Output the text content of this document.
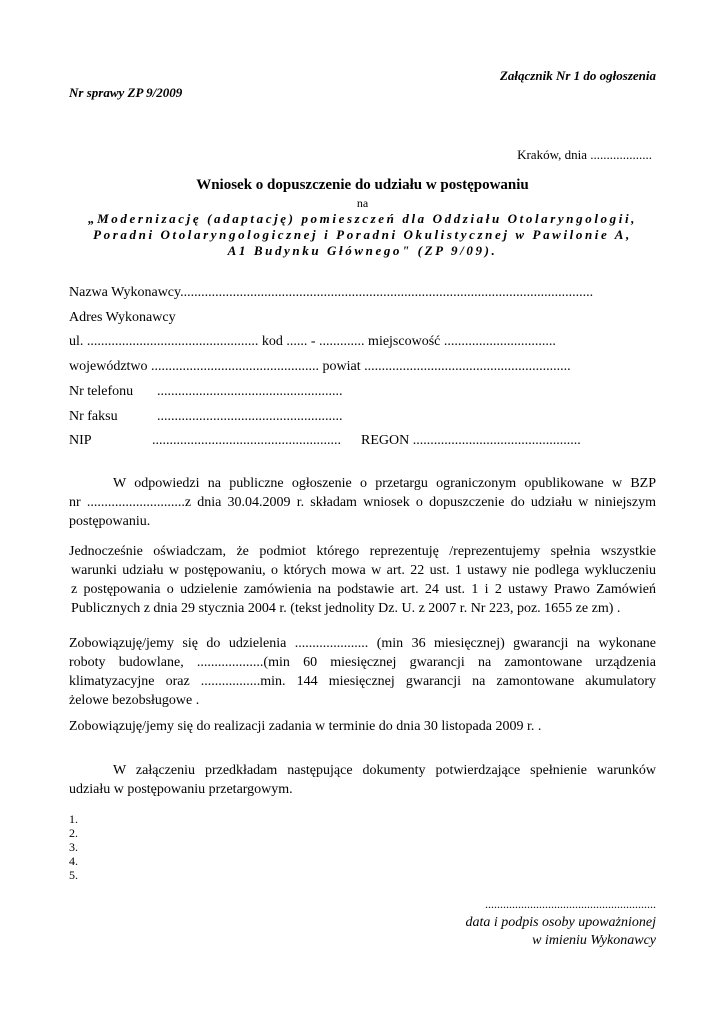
Załącznik Nr 1 do ogłoszenia
Nr sprawy ZP 9/2009
Kraków, dnia ...................
Wniosek o dopuszczenie do udziału w postępowaniu
na
„Modernizację (adaptację) pomieszczeń dla Oddziału Otolaryngologii,
Poradni Otolaryngologicznej i Poradni Okulistycznej w Pawilonie A,
A1 Budynku Głównego" (ZP 9/09).
Nazwa Wykonawcy......................................................................................................................
Adres Wykonawcy
ul. ................................................. kod ...... - ............. miejscowość ................................
województwo ................................................ powiat ...........................................................
Nr telefonu .....................................................
Nr faksu	.....................................................
NIP	...................................................... REGON ................................................
W odpowiedzi na publiczne ogłoszenie o przetargu ograniczonym opublikowane w BZP
nr ............................z dnia 30.04.2009 r. składam wniosek o dopuszczenie do udziału w niniejszym
postępowaniu.
Jednocześnie oświadczam, że podmiot którego reprezentuję /reprezentujemy spełnia wszystkie
warunki udziału w postępowaniu, o których mowa w art. 22 ust. 1 ustawy nie podlega wykluczeniu
z postępowania o udzielenie zamówienia na podstawie art. 24 ust. 1 i 2 ustawy Prawo Zamówień
Publicznych z dnia 29 stycznia 2004 r. (tekst jednolity Dz. U. z 2007 r. Nr 223, poz. 1655 ze zm) .
Zobowiązuję/jemy się do udzielenia ..................... (min 36 miesięcznej) gwarancji na wykonane
roboty budowlane, ...................(min 60 miesięcznej gwarancji na zamontowane urządzenia
klimatyzacyjne oraz .................min. 144 miesięcznej gwarancji na zamontowane akumulatory
żelowe bezobsługowe .
Zobowiązuję/jemy się do realizacji zadania w terminie do dnia 30 listopada 2009 r. .
W załączeniu przedkładam następujące dokumenty potwierdzające spełnienie warunków
udziału w postępowaniu przetargowym.
1.
2.
3.
4.
5.
.........................................................
data i podpis osoby upoważnionej
w imieniu Wykonawcy
